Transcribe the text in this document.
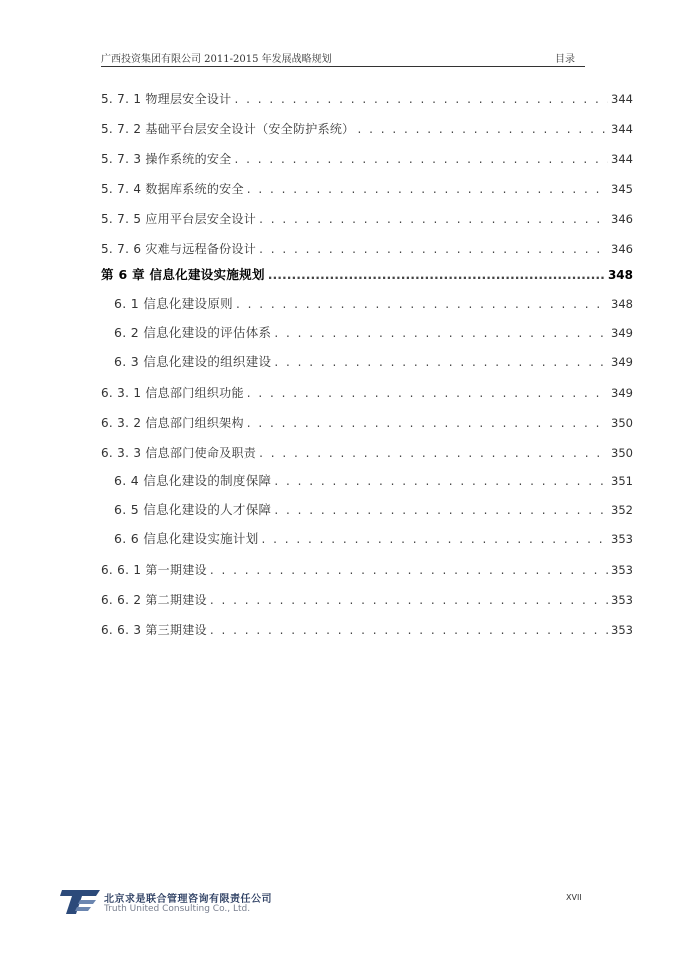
广西投资集团有限公司 2011-2015 年发展战略规划	目录
5. 7. 1 物理层安全设计 . . .	344
5. 7. 2 基础平台层安全设计（安全防护系统） . . .	344
5. 7. 3 操作系统的安全 . . .	344
5. 7. 4 数据库系统的安全 . . .	345
5. 7. 5 应用平台层安全设计 . . .	346
5. 7. 6 灾难与远程备份设计 . . .	346
第 6 章 信息化建设实施规划 .....	348
6. 1 信息化建设原则 . . .	348
6. 2 信息化建设的评估体系 . . .	349
6. 3 信息化建设的组织建设 . . .	349
6. 3. 1 信息部门组织功能 . . .	349
6. 3. 2 信息部门组织架构 . . .	350
6. 3. 3 信息部门使命及职责 . . .	350
6. 4 信息化建设的制度保障 . . .	351
6. 5 信息化建设的人才保障 . . .	352
6. 6 信息化建设实施计划 . . .	353
6. 6. 1 第一期建设 . . .	353
6. 6. 2 第二期建设 . . .	353
6. 6. 3 第三期建设 . . .	353
北京求是联合管理咨询有限责任公司
Truth United Consulting Co., Ltd.
XVII
